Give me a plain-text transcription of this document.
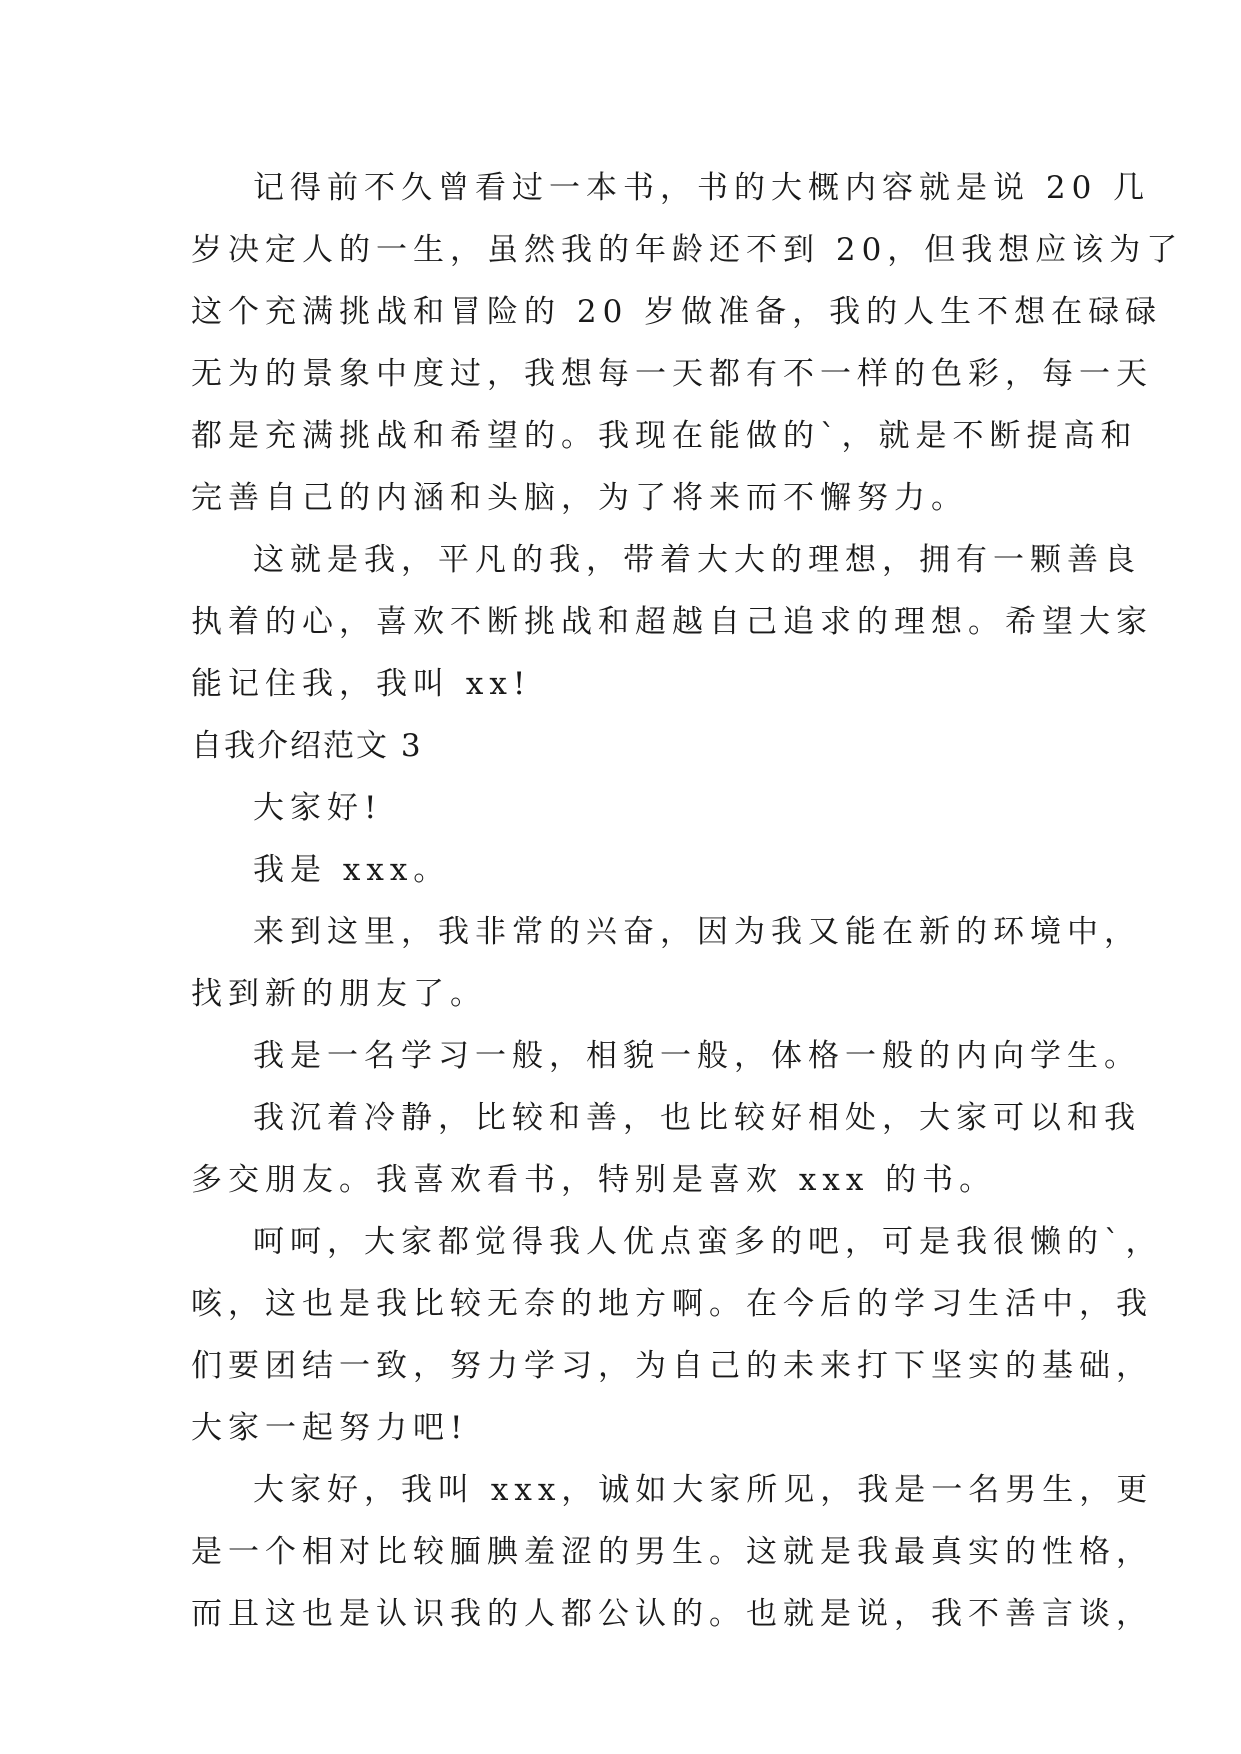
记得前不久曾看过一本书，书的大概内容就是说 20 几
岁决定人的一生，虽然我的年龄还不到 20，但我想应该为了
这个充满挑战和冒险的 20 岁做准备，我的人生不想在碌碌
无为的景象中度过，我想每一天都有不一样的色彩，每一天
都是充满挑战和希望的。我现在能做的`，就是不断提高和
完善自己的内涵和头脑，为了将来而不懈努力。
这就是我，平凡的我，带着大大的理想，拥有一颗善良
执着的心，喜欢不断挑战和超越自己追求的理想。希望大家
能记住我，我叫 xx!
自我介绍范文 3
大家好!
我是 xxx。
来到这里，我非常的兴奋，因为我又能在新的环境中，
找到新的朋友了。
我是一名学习一般，相貌一般，体格一般的内向学生。
我沉着冷静，比较和善，也比较好相处，大家可以和我
多交朋友。我喜欢看书，特别是喜欢 xxx 的书。
呵呵，大家都觉得我人优点蛮多的吧，可是我很懒的`，
咳，这也是我比较无奈的地方啊。在今后的学习生活中，我
们要团结一致，努力学习，为自己的未来打下坚实的基础，
大家一起努力吧!
大家好，我叫 xxx，诚如大家所见，我是一名男生，更
是一个相对比较腼腆羞涩的男生。这就是我最真实的性格，
而且这也是认识我的人都公认的。也就是说，我不善言谈，
